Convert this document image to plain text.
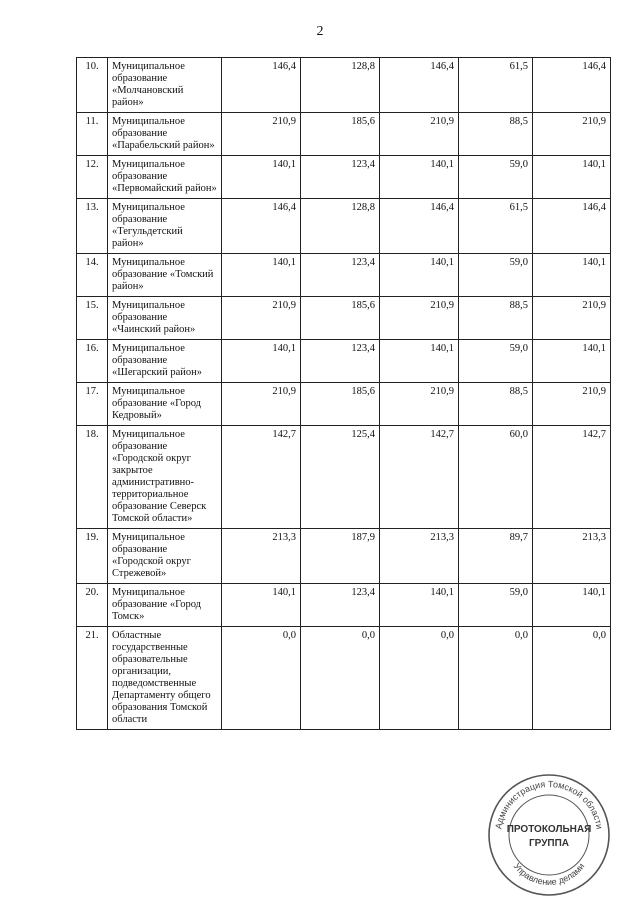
2
10.	Муниципальное образование «Молчановский район»	146,4	128,8	146,4	61,5	146,4
11.	Муниципальное образование «Парабельский район»	210,9	185,6	210,9	88,5	210,9
12.	Муниципальное образование «Первомайский район»	140,1	123,4	140,1	59,0	140,1
13.	Муниципальное образование «Тегульдетский район»	146,4	128,8	146,4	61,5	146,4
14.	Муниципальное образование «Томский район»	140,1	123,4	140,1	59,0	140,1
15.	Муниципальное образование «Чаинский район»	210,9	185,6	210,9	88,5	210,9
16.	Муниципальное образование «Шегарский район»	140,1	123,4	140,1	59,0	140,1
17.	Муниципальное образование «Город Кедровый»	210,9	185,6	210,9	88,5	210,9
18.	Муниципальное образование «Городской округ закрытое административно-территориальное образование Северск Томской области»	142,7	125,4	142,7	60,0	142,7
19.	Муниципальное образование «Городской округ Стрежевой»	213,3	187,9	213,3	89,7	213,3
20.	Муниципальное образование «Город Томск»	140,1	123,4	140,1	59,0	140,1
21.	Областные государственные образовательные организации, подведомственные Департаменту общего образования Томской области	0,0	0,0	0,0	0,0	0,0
Администрация Томской области
Управление делами
ПРОТОКОЛЬНАЯ
ГРУППА
